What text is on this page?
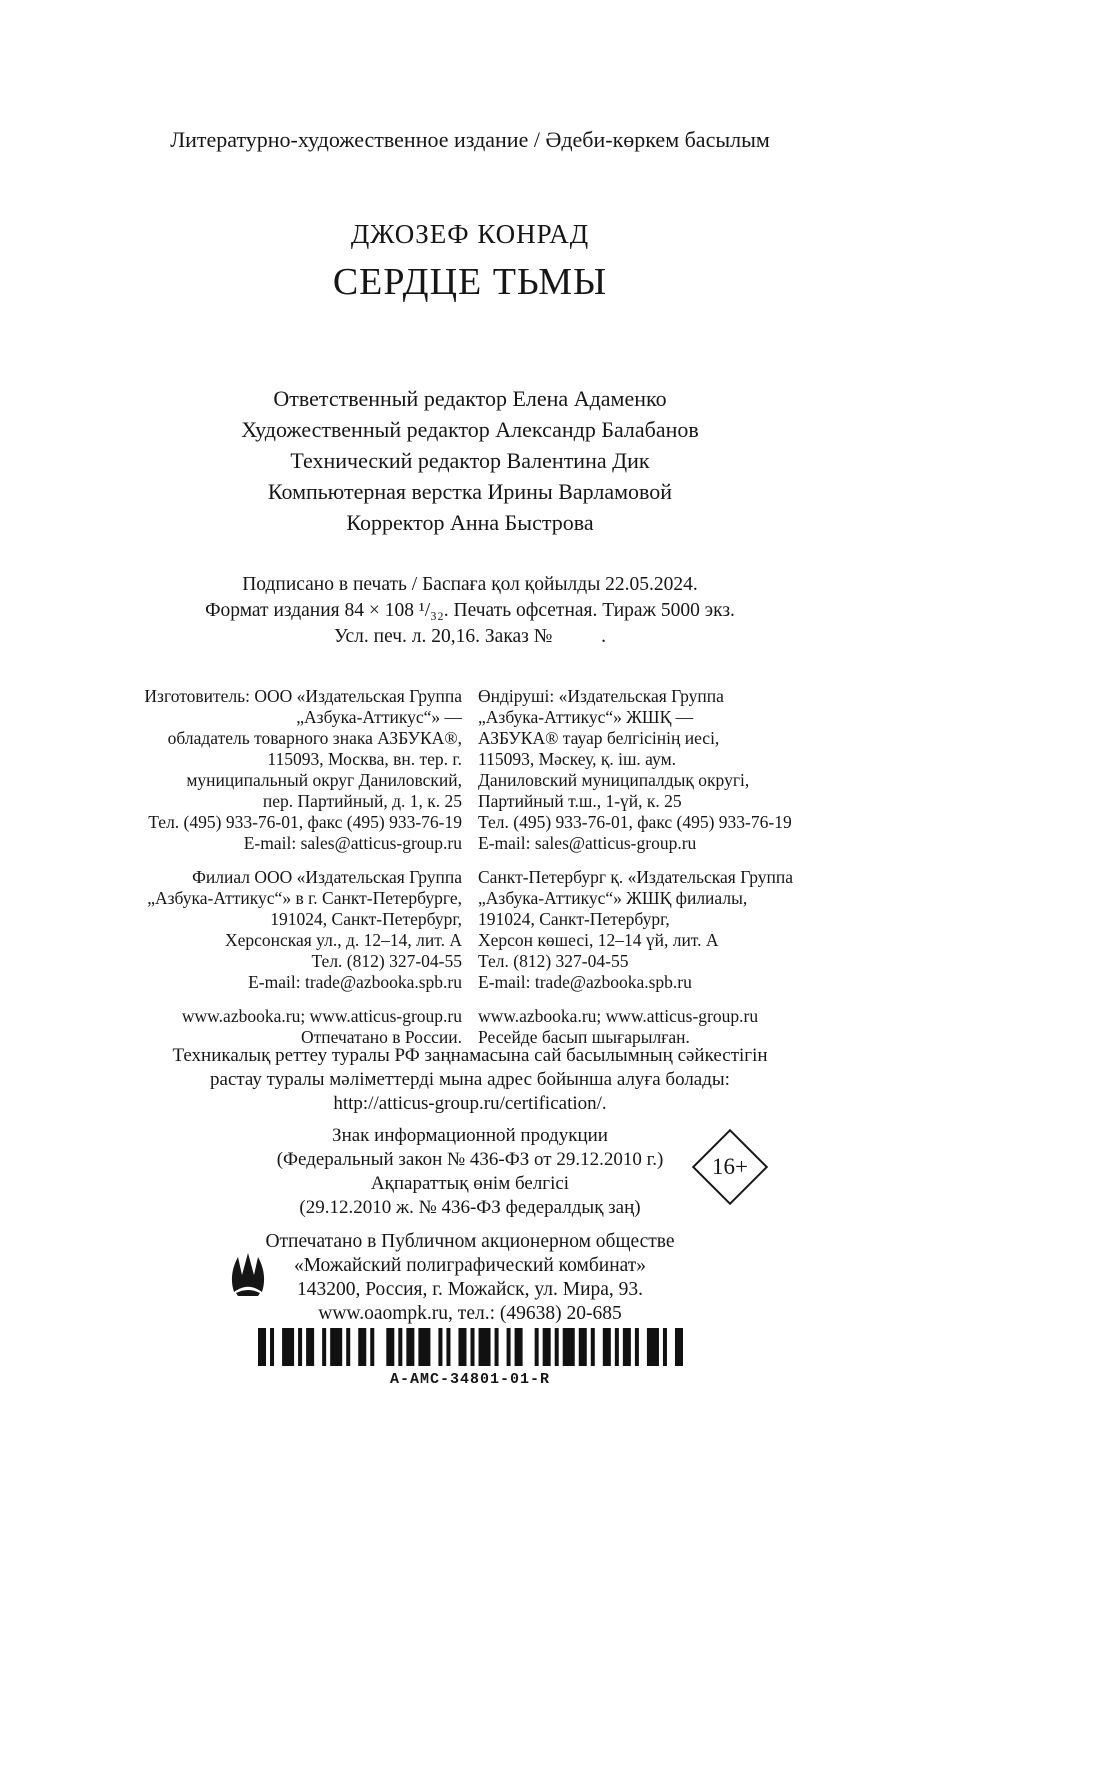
Литературно-художественное издание / Әдеби-көркем басылым
ДЖОЗЕФ КОНРАД
СЕРДЦЕ ТЬМЫ
Ответственный редактор Елена Адаменко
Художественный редактор Александр Балабанов
Технический редактор Валентина Дик
Компьютерная верстка Ирины Варламовой
Корректор Анна Быстрова
Подписано в печать / Баспаға қол қойылды 22.05.2024.
Формат издания 84 × 108 ¹/₃₂. Печать офсетная. Тираж 5000 экз.
Усл. печ. л. 20,16. Заказ №          .
Изготовитель: ООО «Издательская Группа
„Азбука-Аттикус“» —
обладатель товарного знака АЗБУКА®,
115093, Москва, вн. тер. г.
муниципальный округ Даниловский,
пер. Партийный, д. 1, к. 25
Тел. (495) 933-76-01, факс (495) 933-76-19
E-mail: sales@atticus-group.ru
Филиал ООО «Издательская Группа
„Азбука-Аттикус“» в г. Санкт-Петербурге,
191024, Санкт-Петербург,
Херсонская ул., д. 12–14, лит. А
Тел. (812) 327-04-55
E-mail: trade@azbooka.spb.ru
www.azbooka.ru; www.atticus-group.ru
Отпечатано в России.
Өндіруші: «Издательская Группа
„Азбука-Аттикус“» ЖШҚ —
АЗБУКА® тауар белгісінің иесі,
115093, Мәскеу, қ. іш. аум.
Даниловский муниципалдық округі,
Партийный т.ш., 1-үй, к. 25
Тел. (495) 933-76-01, факс (495) 933-76-19
E-mail: sales@atticus-group.ru
Санкт-Петербург қ. «Издательская Группа
„Азбука-Аттикус“» ЖШҚ филиалы,
191024, Санкт-Петербург,
Херсон көшесі, 12–14 үй, лит. А
Тел. (812) 327-04-55
E-mail: trade@azbooka.spb.ru
www.azbooka.ru; www.atticus-group.ru
Ресейде басып шығарылған.
Техникалық реттеу туралы РФ заңнамасына сай басылымның сәйкестігін
растау туралы мәліметтерді мына адрес бойынша алуға болады:
http://atticus-group.ru/certification/.
Знак информационной продукции
(Федеральный закон № 436-ФЗ от 29.12.2010 г.)
Ақпараттық өнім белгісі
(29.12.2010 ж. № 436-ФЗ федералдық заң)
16+
Отпечатано в Публичном акционерном обществе
«Можайский полиграфический комбинат»
143200, Россия, г. Можайск, ул. Мира, 93.
www.oaompk.ru, тел.: (49638) 20-685
A-AMC-34801-01-R
